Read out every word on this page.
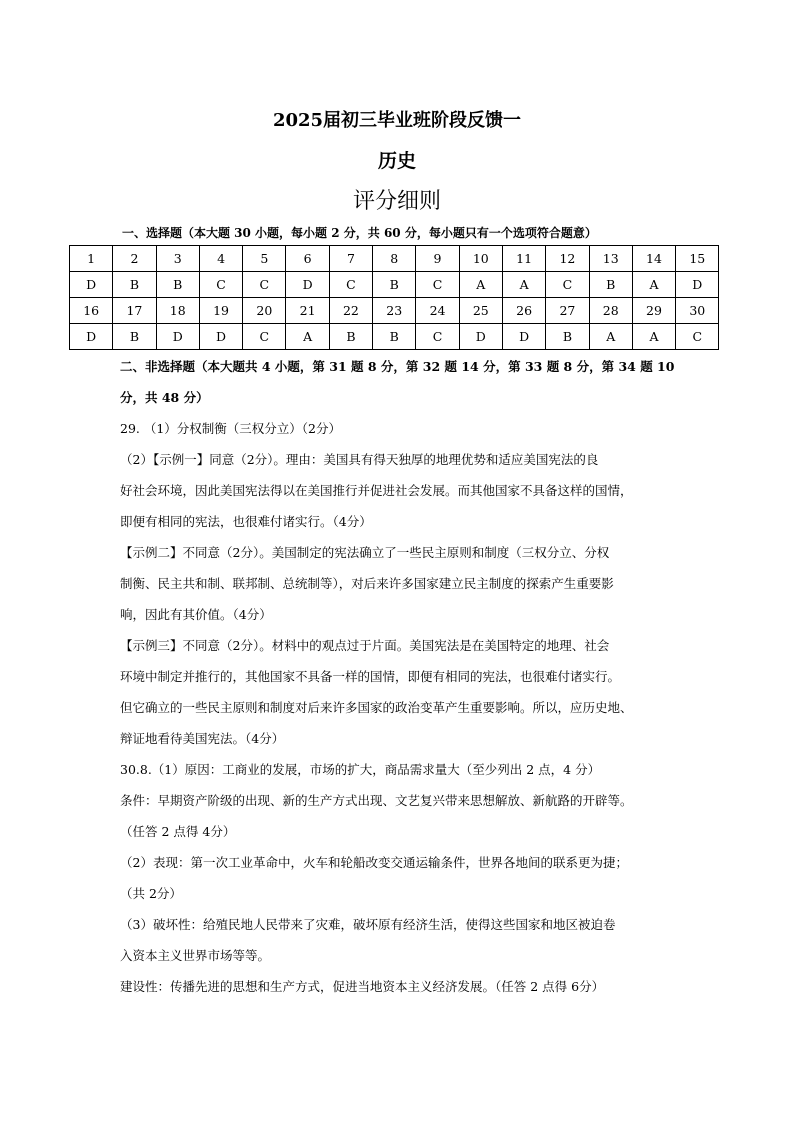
2025届初三毕业班阶段反馈一
历史
评分细则
一、选择题（本大题 30 小题，每小题 2 分，共 60 分，每小题只有一个选项符合题意）
1	2	3	4	5	6	7	8	9	10	11	12	13	14	15
D	B	B	C	C	D	C	B	C	A	A	C	B	A	D
16	17	18	19	20	21	22	23	24	25	26	27	28	29	30
D	B	D	D	C	A	B	B	C	D	D	B	A	A	C
二、非选择题（本大题共 4 小题，第 31 题 8 分，第 32 题 14 分，第 33 题 8 分，第 34 题 10
分，共 48 分）
29. （1）分权制衡（三权分立）（2分）
（2）【示例一】同意（2分）。理由：美国具有得天独厚的地理优势和适应美国宪法的良
好社会环境，因此美国宪法得以在美国推行并促进社会发展。而其他国家不具备这样的国情，
即便有相同的宪法，也很难付诸实行。（4分）
【示例二】不同意（2分）。美国制定的宪法确立了一些民主原则和制度（三权分立、分权
制衡、民主共和制、联邦制、总统制等），对后来许多国家建立民主制度的探索产生重要影
响，因此有其价值。（4分）
【示例三】不同意（2分）。材料中的观点过于片面。美国宪法是在美国特定的地理、社会
环境中制定并推行的，其他国家不具备一样的国情，即便有相同的宪法，也很难付诸实行。
但它确立的一些民主原则和制度对后来许多国家的政治变革产生重要影响。所以，应历史地、
辩证地看待美国宪法。（4分）
30.8.（1）原因：工商业的发展，市场的扩大，商品需求量大（至少列出 2 点，4 分）
条件：早期资产阶级的出现、新的生产方式出现、文艺复兴带来思想解放、新航路的开辟等。
（任答 2 点得 4分）
（2）表现：第一次工业革命中，火车和轮船改变交通运输条件，世界各地间的联系更为捷；
（共 2分）
（3）破坏性：给殖民地人民带来了灾难，破坏原有经济生活，使得这些国家和地区被迫卷
入资本主义世界市场等等。
建设性：传播先进的思想和生产方式，促进当地资本主义经济发展。（任答 2 点得 6分）
